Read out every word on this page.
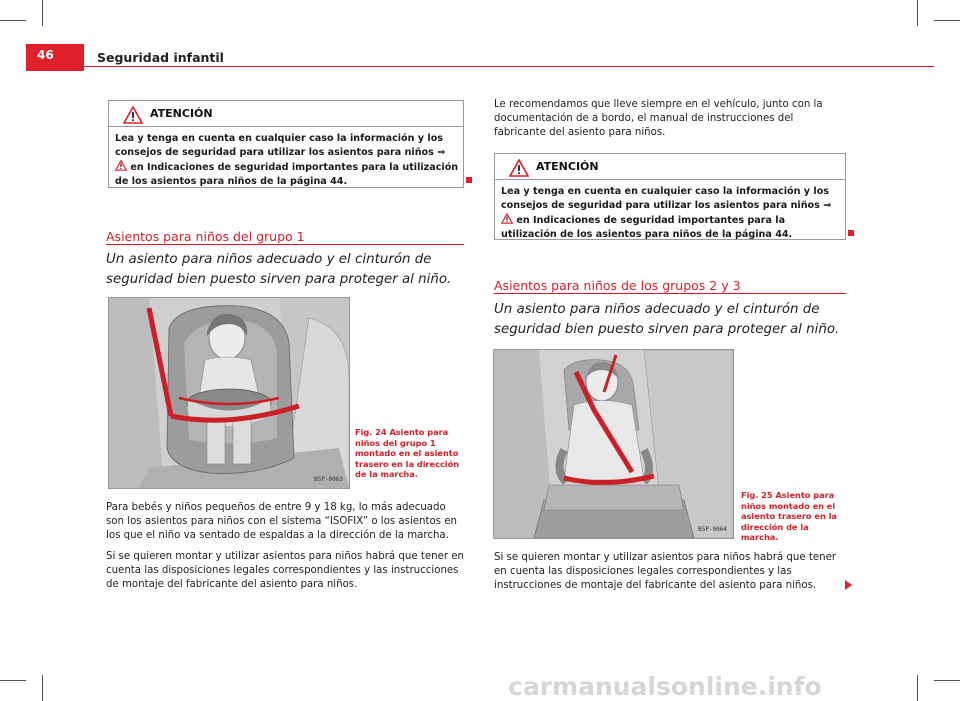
46	Seguridad infantil
ATENCIÓN
Lea y tenga en cuenta en cualquier caso la información y los consejos de seguridad para utilizar los asientos para niños ⇒  en Indicaciones de seguridad importantes para la utilización de los asientos para niños de la página 44.
Asientos para niños del grupo 1
Un asiento para niños adecuado y el cinturón de seguridad bien puesto sirven para proteger al niño.
B5P-0063
Fig. 24 Asiento para niños del grupo 1 montado en el asiento trasero en la dirección de la marcha.
Para bebés y niños pequeños de entre 9 y 18 kg, lo más adecuado son los asientos para niños con el sistema “ISOFIX” o los asientos en los que el niño va sentado de espaldas a la dirección de la marcha.
Si se quieren montar y utilizar asientos para niños habrá que tener en cuenta las disposiciones legales correspondientes y las instrucciones de montaje del fabricante del asiento para niños.
Le recomendamos que lleve siempre en el vehículo, junto con la documentación de a bordo, el manual de instrucciones del fabricante del asiento para niños.
ATENCIÓN
Lea y tenga en cuenta en cualquier caso la información y los consejos de seguridad para utilizar los asientos para niños ⇒  en Indicaciones de seguridad importantes para la utilización de los asientos para niños de la página 44.
Asientos para niños de los grupos 2 y 3
Un asiento para niños adecuado y el cinturón de seguridad bien puesto sirven para proteger al niño.
B5P-0064
Fig. 25 Asiento para niños montado en el asiento trasero en la dirección de la marcha.
Si se quieren montar y utilizar asientos para niños habrá que tener en cuenta las disposiciones legales correspondientes y las instrucciones de montaje del fabricante del asiento para niños.
carmanualsonline.info
